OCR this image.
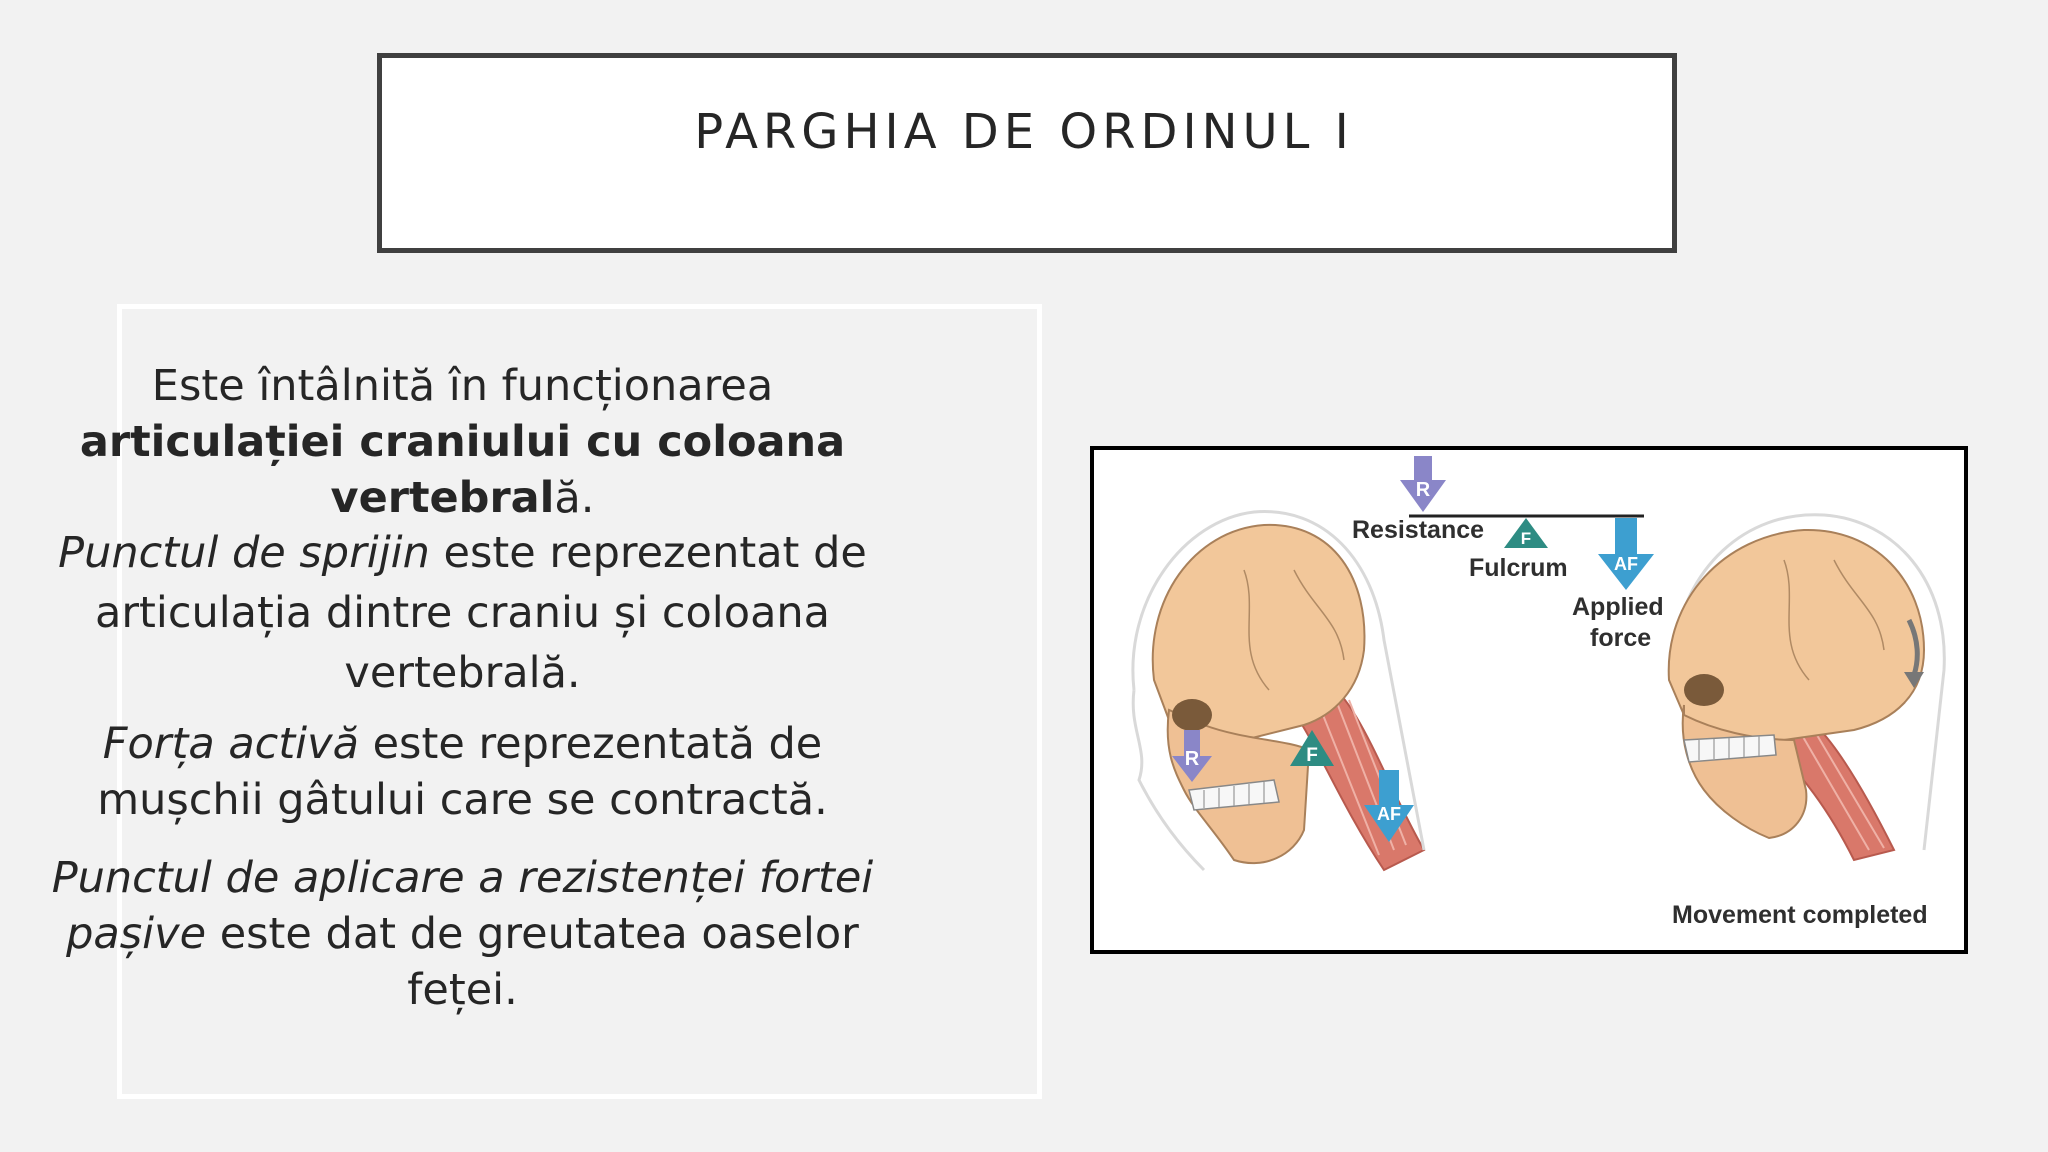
PARGHIA DE ORDINUL I
Este întâlnită în funcționarea
articulației craniului cu coloana
vertebrală.
Punctul de sprijin este reprezentat de
articulația dintre craniu și coloana
vertebrală.
Forța activă este reprezentată de
mușchii gâtului care se contractă.
Punctul de aplicare a rezistenței fortei
pașive este dat de greutatea oaselor
feței.
R	F
AF
R
F
AF
Resistance
Fulcrum
Applied
force
Movement completed
